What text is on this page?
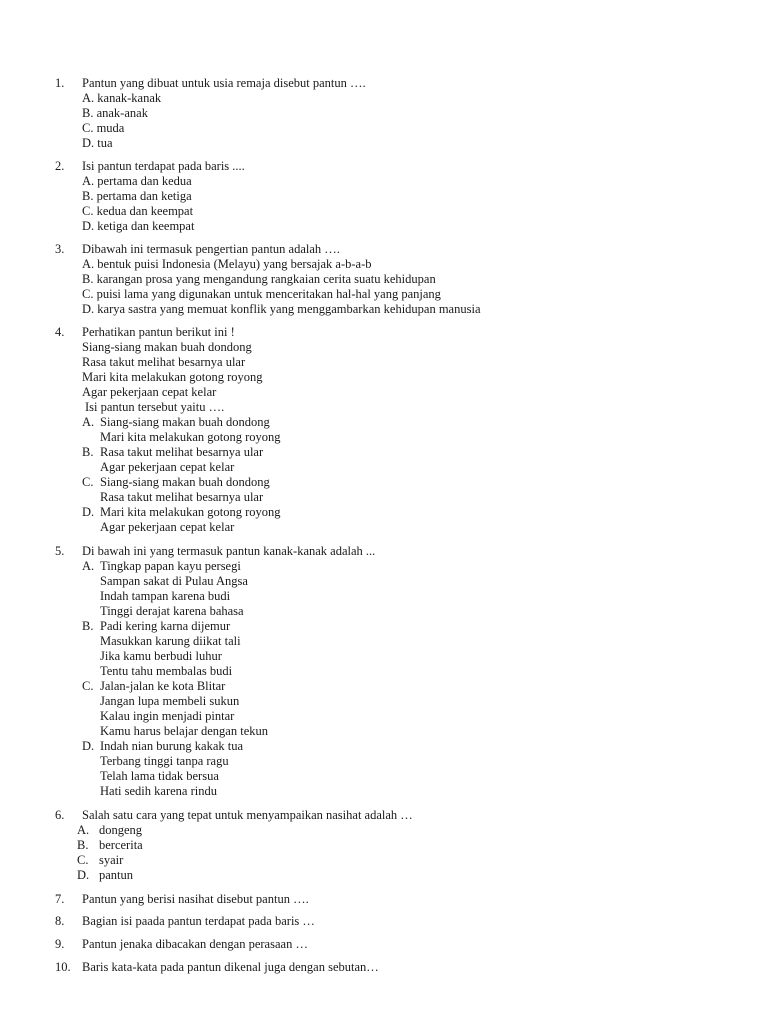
1.	Pantun yang dibuat untuk usia remaja disebut pantun ….
A. kanak-kanak
B. anak-anak
C. muda
D. tua
2.	Isi pantun terdapat pada baris ....
A. pertama dan kedua
B. pertama dan ketiga
C. kedua dan keempat
D. ketiga dan keempat
3.	Dibawah ini termasuk pengertian pantun adalah ….
A. bentuk puisi Indonesia (Melayu) yang bersajak a-b-a-b
B. karangan prosa yang mengandung rangkaian cerita suatu kehidupan
C. puisi lama yang digunakan untuk menceritakan hal-hal yang panjang
D. karya sastra yang memuat konflik yang menggambarkan kehidupan manusia
4.	Perhatikan pantun berikut ini !
Siang-siang makan buah dondong
Rasa takut melihat besarnya ular
Mari kita melakukan gotong royong
Agar pekerjaan cepat kelar
Isi pantun tersebut yaitu ….
A. Siang-siang makan buah dondong
Mari kita melakukan gotong royong
B. Rasa takut melihat besarnya ular
Agar pekerjaan cepat kelar
C. Siang-siang makan buah dondong
Rasa takut melihat besarnya ular
D. Mari kita melakukan gotong royong
Agar pekerjaan cepat kelar
5.	Di bawah ini yang termasuk pantun kanak-kanak adalah ...
A. Tingkap papan kayu persegi
Sampan sakat di Pulau Angsa
Indah tampan karena budi
Tinggi derajat karena bahasa
B. Padi kering karna dijemur
Masukkan karung diikat tali
Jika kamu berbudi luhur
Tentu tahu membalas budi
C. Jalan-jalan ke kota Blitar
Jangan lupa membeli sukun
Kalau ingin menjadi pintar
Kamu harus belajar dengan tekun
D. Indah nian burung kakak tua
Terbang tinggi tanpa ragu
Telah lama tidak bersua
Hati sedih karena rindu
6.	Salah satu cara yang tepat untuk menyampaikan nasihat adalah …
A. dongeng
B. bercerita
C. syair
D. pantun
7.	Pantun yang berisi nasihat disebut pantun ….
8.	Bagian isi paada pantun terdapat pada baris …
9.	Pantun jenaka dibacakan dengan perasaan …
10. Baris kata-kata pada pantun dikenal juga dengan sebutan…
